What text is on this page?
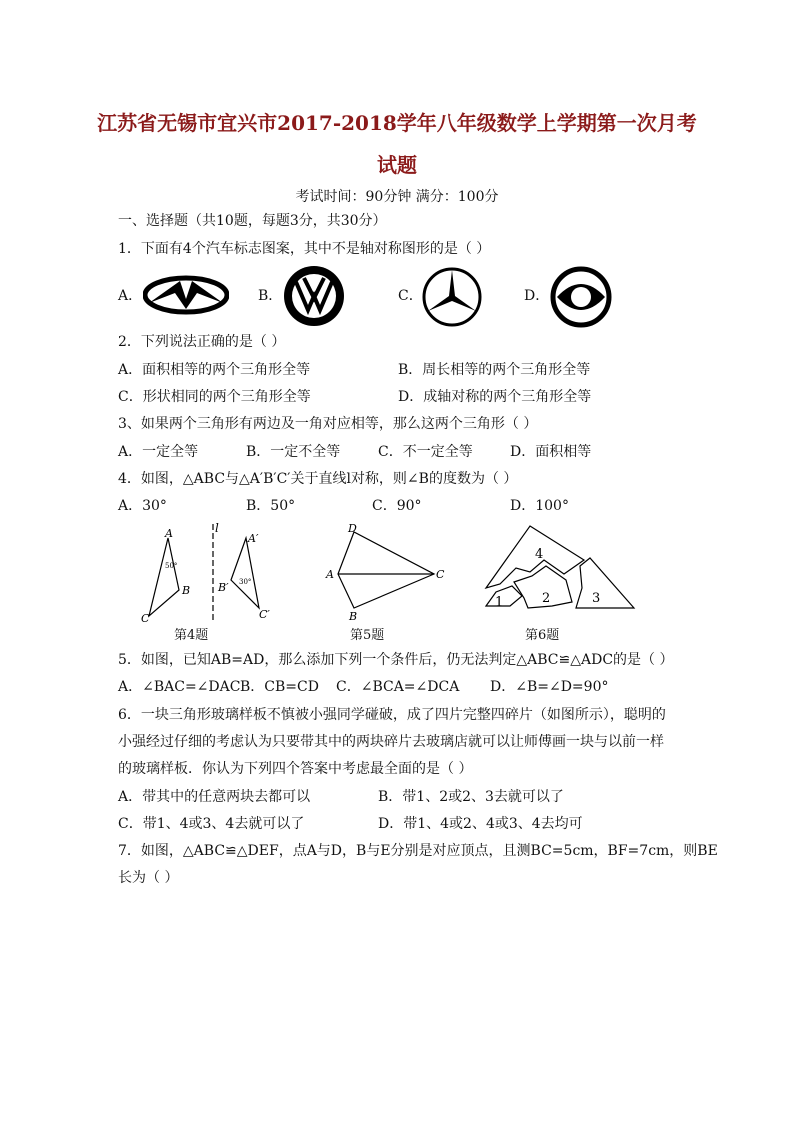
江苏省无锡市宜兴市2017-2018学年八年级数学上学期第一次月考
试题
考试时间：90分钟 满分：100分
一、选择题（共10题，每题3分，共30分）
1．下面有4个汽车标志图案，其中不是轴对称图形的是（ ）
A．	B．	C．	D．
2．下列说法正确的是（ ）
A．面积相等的两个三角形全等	B．周长相等的两个三角形全等
C．形状相同的两个三角形全等	D．成轴对称的两个三角形全等
3、如果两个三角形有两边及一角对应相等，那么这两个三角形（ ）
A．一定全等	B．一定不全等	C．不一定全等	D．面积相等
4．如图，△ABC与△A′B′C′关于直线l对称，则∠B的度数为（ ）
A．30°	B．50°	C．90°	D．100°
A
B
C
50°
l
A′
B′
C′
30°
第4题
D
A	C
B
第5题
4
1	2	3
第6题
5．如图，已知AB=AD，那么添加下列一个条件后，仍无法判定△ABC≌△ADC的是（ ）
A．∠BAC=∠DAC B．CB=CD C．∠BCA=∠DCA D．∠B=∠D=90°
6．一块三角形玻璃样板不慎被小强同学碰破，成了四片完整四碎片（如图所示），聪明的
小强经过仔细的考虑认为只要带其中的两块碎片去玻璃店就可以让师傅画一块与以前一样
的玻璃样板．你认为下列四个答案中考虑最全面的是（ ）
A．带其中的任意两块去都可以	B．带1、2或2、3去就可以了
C．带1、4或3、4去就可以了	D．带1、4或2、4或3、4去均可
7．如图，△ABC≌△DEF，点A与D，B与E分别是对应顶点，且测BC=5cm，BF=7cm，则BE
长为（ ）
